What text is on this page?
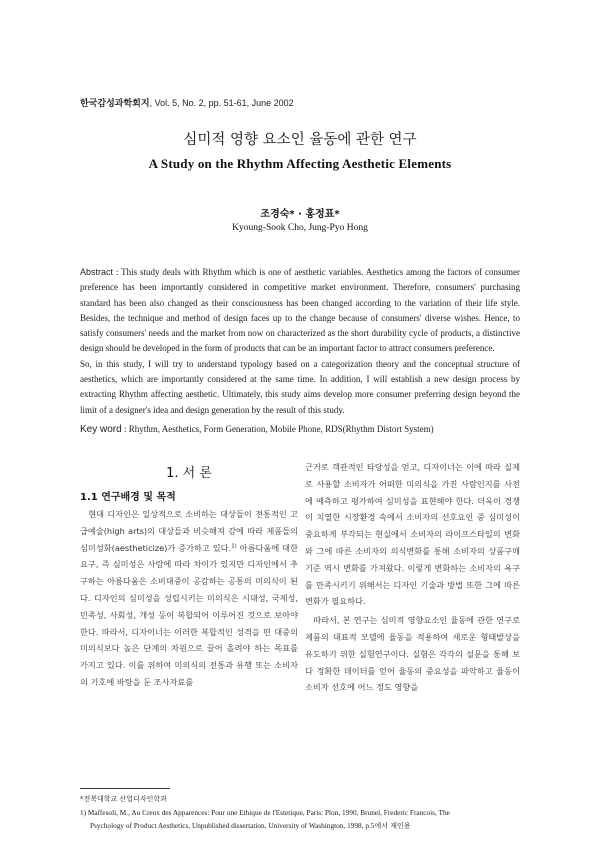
한국감성과학회지, Vol. 5, No. 2, pp. 51-61, June 2002
심미적 영향 요소인 율동에 관한 연구
A Study on the Rhythm Affecting Aesthetic Elements
조경숙* · 홍정표*
Kyoung-Sook Cho, Jung-Pyo Hong

Abstract : This study deals with Rhythm which is one of aesthetic variables. Aesthetics among the factors of consumer preference has been importantly considered in competitive market environment. Therefore, consumers' purchasing standard has been also changed as their consciousness has been changed according to the variation of their life style. Besides, the technique and method of design faces up to the change because of consumers' diverse wishes. Hence, to satisfy consumers' needs and the market from now on characterized as the short durability cycle of products, a distinctive design should be developed in the form of products that can be an important factor to attract consumers preference.

So, in this study, I will try to understand typology based on a categorization theory and the conceptual structure of aesthetics, which are importantly considered at the same time. In addition, I will establish a new design process by extracting Rhythm affecting aesthetic. Ultimately, this study aims develop more consumer preferring design beyond the limit of a designer's idea and design generation by the result of this study.

Key word : Rhythm, Aesthetics, Form Generation, Mobile Phone, RDS(Rhythm Distort System)
1. 서 론
1.1 연구배경 및 목적

 현대 디자인은 일상적으로 소비하는 대상들이 전통적인 고급예술(high arts)의 대상들과 비슷해져 감에 따라 제품들의 심미성화(aestheticize)가 증가하고 있다.$^{1)}$ 아름다움에 대한 요구, 즉 심미성은 사람에 따라 차이가 있지만 디자인에서 추구하는 아름다움은 소비대중이 공감하는 공통의 미의식이 된다. 디자인의 심미성을 성립시키는 미의식은 시대성, 국제성, 민족성, 사회성, 개성 등이 복합되어 이루어진 것으로 보아야 한다. 따라서, 디자이너는 이러한 복합적인 성격을 띤 대중의 미의식보다 높은 단계의 차원으로 끌어 올려야 하는 목표를 가지고 있다. 이를 위하여 미의식의 전통과 유행 또는 소비자의 기호에 바탕을 둔 조사자료를

근거로 객관적인 타당성을 얻고, 디자이너는 이에 따라 실제로 사용할 소비자가 어떠한 미의식을 가진 사람인지를 사전에 예측하고 평가하여 심미성을 표현해야 한다. 더욱이 경쟁이 치열한 시장환경 속에서 소비자의 선호요인 중 심미성이 중요하게 부각되는 현실에서 소비자의 라이프스타일의 변화와 그에 따른 소비자의 의식변화를 통해 소비자의 상품구매 기준 역시 변화를 가져왔다. 이렇게 변화하는 소비자의 욕구를 만족시키기 위해서는 디자인 기술과 방법 또한 그에 따른 변화가 필요하다.

 따라서, 본 연구는 심미적 영향요소인 율동에 관한 연구로 제품의 대표적 모델에 율동을 적용하여 새로운 형태발상을 유도하기 위한 실험연구이다. 실험은 각각의 설문을 통해 보다 정확한 데이터를 얻어 율동의 중요성을 파악하고 율동이 소비자 선호에 어느 정도 영향을

*전북대학교 산업디자인학과

1) Maffesoli, M., Au Creux des Apparences: Pour une Ethique de l'Estetique, Paris: Plon, 1990, Brunel, Frederic Francois, The

Psychology of Product Aesthetics, Unpublished dissertation, University of Washington, 1998, p.5에서 재인용
